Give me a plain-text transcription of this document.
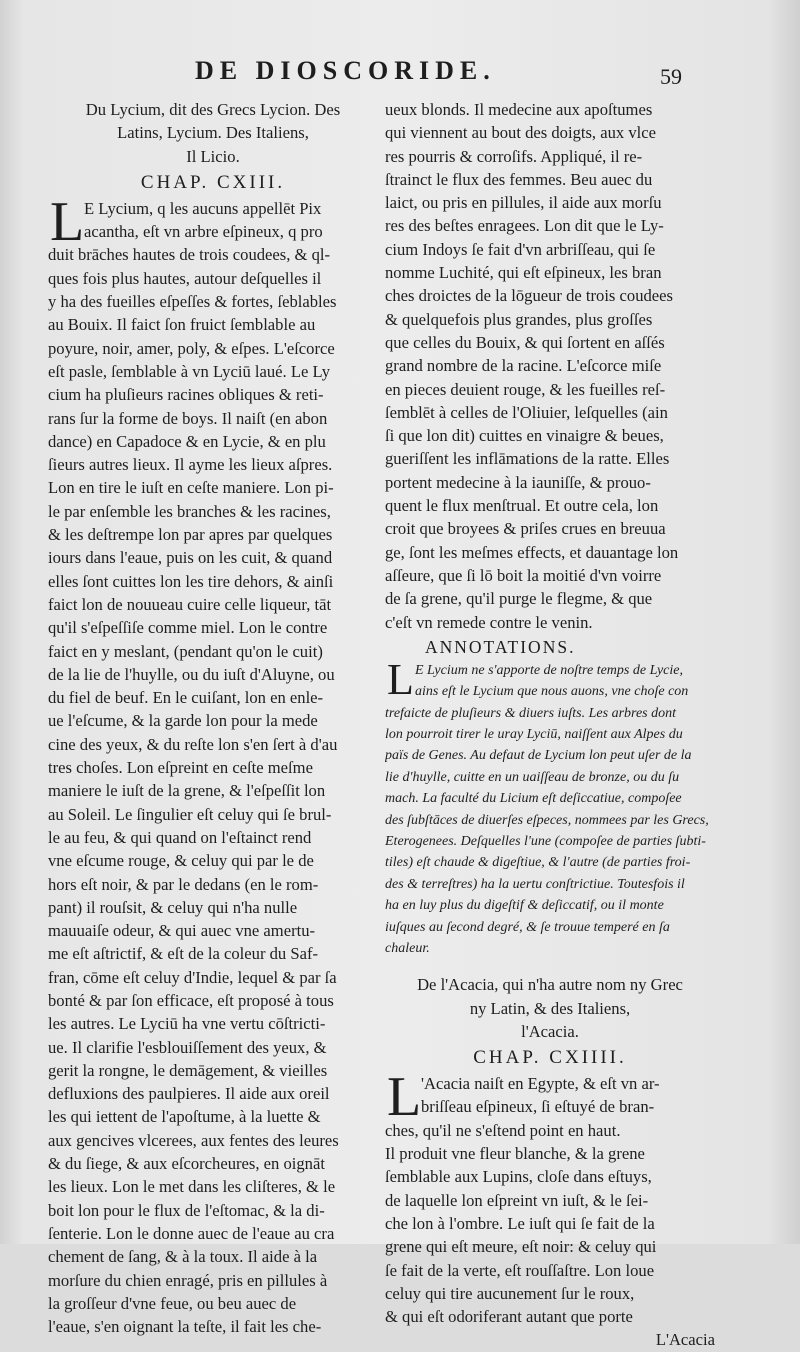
DE DIOSCORIDE.	59
Du Lycium, dit des Grecs Lycion. Des
Latins, Lycium. Des Italiens,
Il Licio.
CHAP. CXIII.
L E Lycium, q les aucuns appellēt Pix
acantha, eſt vn arbre eſpineux, q pro
duit brāches hautes de trois coudees, & ql-
ques fois plus hautes, autour deſquelles il
y ha des fueilles eſpeſſes & fortes, ſeblables
au Bouix. Il faict ſon fruict ſemblable au
poyure, noir, amer, poly, & eſpes. L'eſcorce
eſt pasle, ſemblable à vn Lyciū laué. Le Ly
cium ha pluſieurs racines obliques & reti-
rans ſur la forme de boys. Il naiſt (en abon
dance) en Capadoce & en Lycie, & en plu
ſieurs autres lieux. Il ayme les lieux aſpres.
Lon en tire le iuſt en ceſte maniere. Lon pi-
le par enſemble les branches & les racines,
& les deſtrempe lon par apres par quelques
iours dans l'eaue, puis on les cuit, & quand
elles ſont cuittes lon les tire dehors, & ainſi
faict lon de nouueau cuire celle liqueur, tāt
qu'il s'eſpeſſiſe comme miel. Lon le contre
faict en y meslant, (pendant qu'on le cuit)
de la lie de l'huylle, ou du iuſt d'Aluyne, ou
du fiel de beuf. En le cuiſant, lon en enle-
ue l'eſcume, & la garde lon pour la mede
cine des yeux, & du reſte lon s'en ſert à d'au
tres choſes. Lon eſpreint en ceſte meſme
maniere le iuſt de la grene, & l'eſpeſſit lon
au Soleil. Le ſingulier eſt celuy qui ſe brul-
le au feu, & qui quand on l'eſtainct rend
vne eſcume rouge, & celuy qui par le de
hors eſt noir, & par le dedans (en le rom-
pant) il rouſsit, & celuy qui n'ha nulle
mauuaiſe odeur, & qui auec vne amertu-
me eſt aſtrictif, & eſt de la coleur du Saf-
fran, cōme eſt celuy d'Indie, lequel & par ſa
bonté & par ſon efficace, eſt proposé à tous
les autres. Le Lyciū ha vne vertu cōſtricti-
ue. Il clarifie l'esblouiſſement des yeux, &
gerit la rongne, le demāgement, & vieilles
defluxions des paulpieres. Il aide aux oreil
les qui iettent de l'apoſtume, à la luette &
aux gencives vlcerees, aux fentes des leures
& du ſiege, & aux eſcorcheures, en oignāt
les lieux. Lon le met dans les cliſteres, & le
boit lon pour le flux de l'eſtomac, & la di-
ſenterie. Lon le donne auec de l'eaue au cra
chement de ſang, & à la toux. Il aide à la
morſure du chien enragé, pris en pillules à
la groſſeur d'vne feue, ou beu auec de
l'eaue, s'en oignant la teſte, il fait les che-
ueux blonds. Il medecine aux apoſtumes
qui viennent au bout des doigts, aux vlce
res pourris & corroſifs. Appliqué, il re-
ſtrainct le flux des femmes. Beu auec du
laict, ou pris en pillules, il aide aux morſu
res des beſtes enragees. Lon dit que le Ly-
cium Indoys ſe fait d'vn arbriſſeau, qui ſe
nomme Luchité, qui eſt eſpineux, les bran
ches droictes de la lōgueur de trois coudees
& quelquefois plus grandes, plus groſſes
que celles du Bouix, & qui ſortent en aſſés
grand nombre de la racine. L'eſcorce miſe
en pieces deuient rouge, & les fueilles reſ-
ſemblēt à celles de l'Oliuier, leſquelles (ain
ſi que lon dit) cuittes en vinaigre & beues,
gueriſſent les inflāmations de la ratte. Elles
portent medecine à la iauniſſe, & prouo-
quent le flux menſtrual. Et outre cela, lon
croit que broyees & priſes crues en breuua
ge, ſont les meſmes effects, et dauantage lon
aſſeure, que ſi lō boit la moitié d'vn voirre
de ſa grene, qu'il purge le flegme, & que
c'eſt vn remede contre le venin.
ANNOTATIONS.
L E Lycium ne s'apporte de noſtre temps de Lycie,
ains eſt le Lycium que nous auons, vne choſe con
trefaicte de pluſieurs & diuers iuſts. Les arbres dont
lon pourroit tirer le uray Lyciū, naiſſent aux Alpes du
païs de Genes. Au defaut de Lycium lon peut uſer de la
lie d'huylle, cuitte en un uaiſſeau de bronze, ou du ſu
mach. La faculté du Licium eſt deſiccatiue, compoſee
des ſubſtāces de diuerſes eſpeces, nommees par les Grecs,
Eterogenees. Deſquelles l'une (compoſee de parties ſubti-
tiles) eſt chaude & digeſtiue, & l'autre (de parties froi-
des & terreſtres) ha la uertu conſtrictiue. Toutesfois il
ha en luy plus du digeſtif & deſiccatif, ou il monte
iuſques au ſecond degré, & ſe trouue temperé en ſa
chaleur.
De l'Acacia, qui n'ha autre nom ny Grec
ny Latin, & des Italiens,
l'Acacia.
CHAP. CXIIII.
L 'Acacia naiſt en Egypte, & eſt vn ar-
briſſeau eſpineux, ſi eſtuyé de bran-
ches, qu'il ne s'eſtend point en haut.
Il produit vne fleur blanche, & la grene
ſemblable aux Lupins, cloſe dans eſtuys,
de laquelle lon eſpreint vn iuſt, & le ſei-
che lon à l'ombre. Le iuſt qui ſe fait de la
grene qui eſt meure, eſt noir: & celuy qui
ſe fait de la verte, eſt rouſſaſtre. Lon loue
celuy qui tire aucunement ſur le roux,
& qui eſt odoriferant autant que porte
L'Acacia
